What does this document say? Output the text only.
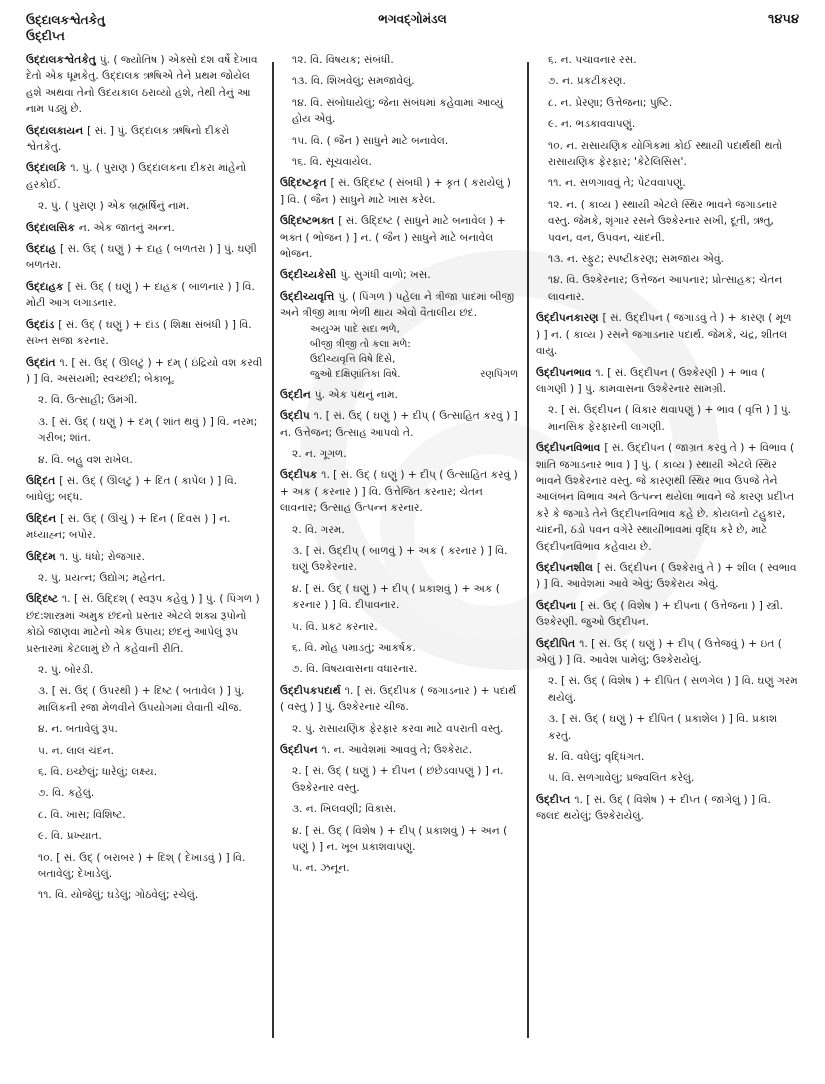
ઉદ્દાલકશ્વેતકેતુ
ઉદ્દીપ્ત
ભગવદ્ગોમંડલ	૧૪૫૪
ઉદ્દાલકશ્વેતકેતુ પું. ( જ્યોતિષ ) એક્સો દશ વર્ષે દેખાવ દેતો એક ધૂમકેતુ. ઉદ્દાલક ઋષિએ તેને પ્રથમ જોયેલ હશે અથવા તેનો ઉદયકાલ ઠરાવ્યો હશે, તેથી તેનું આ નામ પડ્યું છે.
ઉદ્દાલકાયન [ સં. ] પું. ઉદ્દાલક ઋષિનો દીકરો શ્વેતકેતુ.
ઉદ્દાલકિ ૧. પું. ( પુરાણ ) ઉદ્દાલકના દીકરા માંહેનો હરકોઈ.
૨. પું. ( પુરાણ ) એક બ્રહ્મર્ષિનું નામ.
ઉદ્દાલસિક ન. એક જાતનું અન્ન.
ઉદ્દાહ [ સં. ઉદ્ ( ઘણું ) + દાહ ( બળતરા ) ] પું. ઘણી બળતરા.
ઉદ્દાહક [ સં. ઉદ્ ( ઘણું ) + દાહક ( બાળનાર ) ] વિ. મોટી આગ લગાડનાર.
ઉદ્દાંડ [ સં. ઉદ્ ( ઘણું ) + દાંડ ( શિક્ષા સંબંધી ) ] વિ. સખ્ત સજા કરનાર.
ઉદ્દાંત ૧. [ સં. ઉદ્ ( ઊલટું ) + દમ્ ( ઇંદ્રિયો વશ કરવી ) ] વિ. અસંયમી; સ્વચ્છંદી; બેકાબૂ.
૨. વિ. ઉત્સાહી; ઉમંગી.
૩. [ સં. ઉદ્ ( ઘણું ) + દમ્ ( શાંત થવું ) ] વિ. નરમ; ગરીબ; શાંત.
૪. વિ. બહુ વશ રાખેલ.
ઉદ્દિત [ સં. ઉદ્ ( ઊલટું ) + દિત ( કાપેલ ) ] વિ. બાંધેલું; બદ્ધ.
ઉદ્દિન [ સં. ઉદ્ ( ઊંચું ) + દિન ( દિવસ ) ] ન. મધ્યાહ્ન; બપોર.
ઉદ્દિમ ૧. પું. ધંધો; રોજગાર.
૨. પું. પ્રયત્ન; ઉદ્યોગ; મહેનત.
ઉદ્દિષ્ટ ૧. [ સં. ઉદ્દિશ્ ( સ્વરૂપ કહેવું ) ] પું. ( પિંગળ ) છંદ:શાસ્ત્રમાં અમુક છંદનો પ્રસ્તાર એટલે શક્ય રૂપોનો કોઠો જાણવા માટેનો એક ઉપાય; છંદનું આપેલું રૂપ પ્રસ્તારમાં કેટલામું છે તે કહેવાની રીતિ.
૨. પું. બોરડી.
૩. [ સં. ઉદ્ ( ઉપરથી ) + દિષ્ટ ( બતાવેલ ) ] પું. માલિકની રજા મેળવીને ઉપયોગમાં લેવાતી ચીજ.
૪. ન. બતાવેલું રૂપ.
૫. ન. લાલ ચંદન.
૬. વિ. ઇચ્છેલું; ધારેલું; લક્ષ્ય.
૭. વિ. કહેલું.
૮. વિ. ખાસ; વિશિષ્ટ.
૯. વિ. પ્રખ્યાત.
૧૦. [ સં. ઉદ્ ( બરાબર ) + દિશ્ ( દેખાડવું ) ] વિ. બતાવેલું; દેખાડેલું.
૧૧. વિ. યોજેલું; ઘડેલું; ગોઠવેલું; રચેલું.
૧૨. વિ. વિષયક; સંબંધી.
૧૩. વિ. શિખવેલું; સમજાવેલું.
૧૪. વિ. સંબોધાયેલું; જેના સંબંધમાં કહેવામાં આવ્યું હોય એવું.
૧૫. વિ. ( જૈન ) સાધુને માટે બનાવેલ.
૧૬. વિ. સૂચવાયેલ.
ઉદ્દિષ્ટકૃત [ સં. ઉદ્દિષ્ટ ( સંબધી ) + કૃત ( કરાયેલું ) ] વિ. ( જૈન ) સાધુને માટે ખાસ કરેલ.
ઉદ્દિષ્ટભક્ત [ સં. ઉદ્દિષ્ટ ( સાધુને માટે બનાવેલ ) + ભક્ત ( ભોજન ) ] ન. ( જૈન ) સાધુને માટે બનાવેલ ભોજન.
ઉદ્દીચ્યકેસી પું. સુગંધી વાળો; ખસ.
ઉદ્દીચ્યવૃત્તિ પું. ( પિંગળ ) પહેલા ને ત્રીજા પાદમાં બીજી અને ત્રીજી માત્રા ભેળી થાય એવો વૈતાલીય છંદ.
અયુગ્મ પાદે સદા ભળે,
બીજી ત્રીજી તો કલા મળે:
ઉદીચ્યવૃત્તિ વિષે દિસે,
જુઓ દક્ષિણાંતિકા વિષે.	રણપિંગળ
ઉદ્દીન પું. એક પંથનું નામ.
ઉદ્દીપ ૧. [ સં. ઉદ્ ( ઘણું ) + દીપ્ ( ઉત્સાહિત કરવું ) ] ન. ઉત્તેજન; ઉત્સાહ આપવો તે.
૨. ન. ગૂગળ.
ઉદ્દીપક ૧. [ સં. ઉદ્ ( ઘણું ) + દીપ્ ( ઉત્સાહિત કરવું ) + અક ( કરનાર ) ] વિ. ઉત્તેજિત કરનાર; ચેતન લાવનાર; ઉત્સાહ ઉત્પન્ન કરનાર.
૨. વિ. ગરમ.
૩. [ સં. ઉદ્દીપ્ ( બાળવું ) + અક ( કરનાર ) ] વિ. ઘણું ઉશ્કેરનાર.
૪. [ સં. ઉદ્ ( ઘણું ) + દીપ્ ( પ્રકાશવું ) + અક ( કરનાર ) ] વિ. દીપાવનાર.
૫. વિ. પ્રકટ કરનાર.
૬. વિ. મોહ પમાડતું; આકર્ષક.
૭. વિ. વિષયવાસના વધારનાર.
ઉદ્દીપકપદાર્થ ૧. [ સં. ઉદ્દીપક ( જગાડનાર ) + પદાર્થ ( વસ્તુ ) ] પું. ઉશ્કેરનાર ચીજ.
૨. પું. રાસાયણિક ફેરફાર કરવા માટે વપરાતી વસ્તુ.
ઉદ્દીપન ૧. ન. આવેશમાં આવવું તે; ઉશ્કેરાટ.
૨. [ સં. ઉદ્ ( ઘણું ) + દીપન ( છંછેડવાપણું ) ] ન. ઉશ્કેરનાર વસ્તુ.
૩. ન. ખિલવણી; વિકાસ.
૪. [ સં. ઉદ્ ( વિશેષ ) + દીપ્ ( પ્રકાશવું ) + અન ( પણું ) ] ન. ખૂબ પ્રકાશવાપણું.
૫. ન. ઝનૂન.
૬. ન. પચાવનાર રસ.
૭. ન. પ્રકટીકરણ.
૮. ન. પ્રેરણા; ઉત્તેજના; પુષ્ટિ.
૯. ન. ભડકાવવાપણું.
૧૦. ન. રાસાયણિક યોગિકમાં કોઈ સ્થાયી પદાર્થથી થતો રાસાયણિક ફેરફાર; 'કેટેલિસિસ'.
૧૧. ન. સળગાવવું તે; પેટવવાપણું.
૧૨. ન. ( કાવ્ય ) સ્થાયી એટલે સ્થિર ભાવને જગાડનાર વસ્તુ. જેમકે, શૃંગાર રસને ઉશ્કેરનાર સખી, દૂતી, ઋતુ, પવન, વન, ઉપવન, ચાંદની.
૧૩. ન. સ્ફુટ; સ્પષ્ટીકરણ; સમજાય એવું.
૧૪. વિ. ઉશ્કેરનાર; ઉત્તેજન આપનાર; પ્રોત્સાહક; ચેતન લાવનાર.
ઉદ્દીપનકારણ [ સં. ઉદ્દીપન ( જગાડવું તે ) + કારણ ( મૂળ ) ] ન. ( કાવ્ય ) રસને જગાડનાર પદાર્થ. જેમકે, ચંદ્ર, શીતલ વાયુ.
ઉદ્દીપનભાવ ૧. [ સં. ઉદ્દીપન ( ઉશ્કેરણી ) + ભાવ ( લાગણી ) ] પું. કામવાસના ઉશ્કેરનાર સામગ્રી.
૨. [ સં. ઉદ્દીપન ( વિકાર થવાપણું ) + ભાવ ( વૃત્તિ ) ] પું. માનસિક ફેરફારની લાગણી.
ઉદ્દીપનવિભાવ [ સં. ઉદ્દીપન ( જાગ્રત કરવું તે ) + વિભાવ ( શાંતિ જગાડનાર ભાવ ) ] પું. ( કાવ્ય ) સ્થાયી એટલે સ્થિર ભાવને ઉશ્કેરનાર વસ્તુ. જે કારણથી સ્થિર ભાવ ઉપજે તેને આલંબન વિભાવ અને ઉત્પન્ન થયેલા ભાવને જે કારણ પ્રદીપ્ત કરે કે જગાડે તેને ઉદ્દીપનવિભાવ કહે છે. કોયલનો ટહુકાર, ચાંદની, ઠંડો પવન વગેરે સ્થાયીભાવમાં વૃદ્ધિ કરે છે, માટે ઉદ્દીપનવિભાવ કહેવાય છે.
ઉદ્દીપનશીલ [ સં. ઉદ્દીપન ( ઉશ્કેરાવું તે ) + શીલ ( સ્વભાવ ) ] વિ. આવેશમાં આવે એવું; ઉશ્કેરાય એવું.
ઉદ્દીપના [ સં. ઉદ્ ( વિશેષ ) + દીપના ( ઉત્તેજના ) ] સ્ત્રી. ઉશ્કેરણી. જુઓ ઉદ્દીપન.
ઉદ્દીપિત ૧. [ સં. ઉદ્ ( ઘણું ) + દીપ્ ( ઉત્તેજવું ) + ઇત ( એલું ) ] વિ. આવેશ પામેલું; ઉશ્કેરાયેલું.
૨. [ સં. ઉદ્ ( વિશેષ ) + દીપિત ( સળગેલ ) ] વિ. ઘણું ગરમ થયેલું.
૩. [ સં. ઉદ્ ( ઘણું ) + દીપિત ( પ્રકાશેલ ) ] વિ. પ્રકાશ કરતું.
૪. વિ. વધેલું; વૃદ્ધિંગત.
૫. વિ. સળગાવેલું; પ્રજ્વલિત કરેલું.
ઉદ્દીપ્ત ૧. [ સં. ઉદ્ ( વિશેષ ) + દીપ્ત ( જાગેલું ) ] વિ. જલદ થયેલું; ઉશ્કેરાયેલું.
